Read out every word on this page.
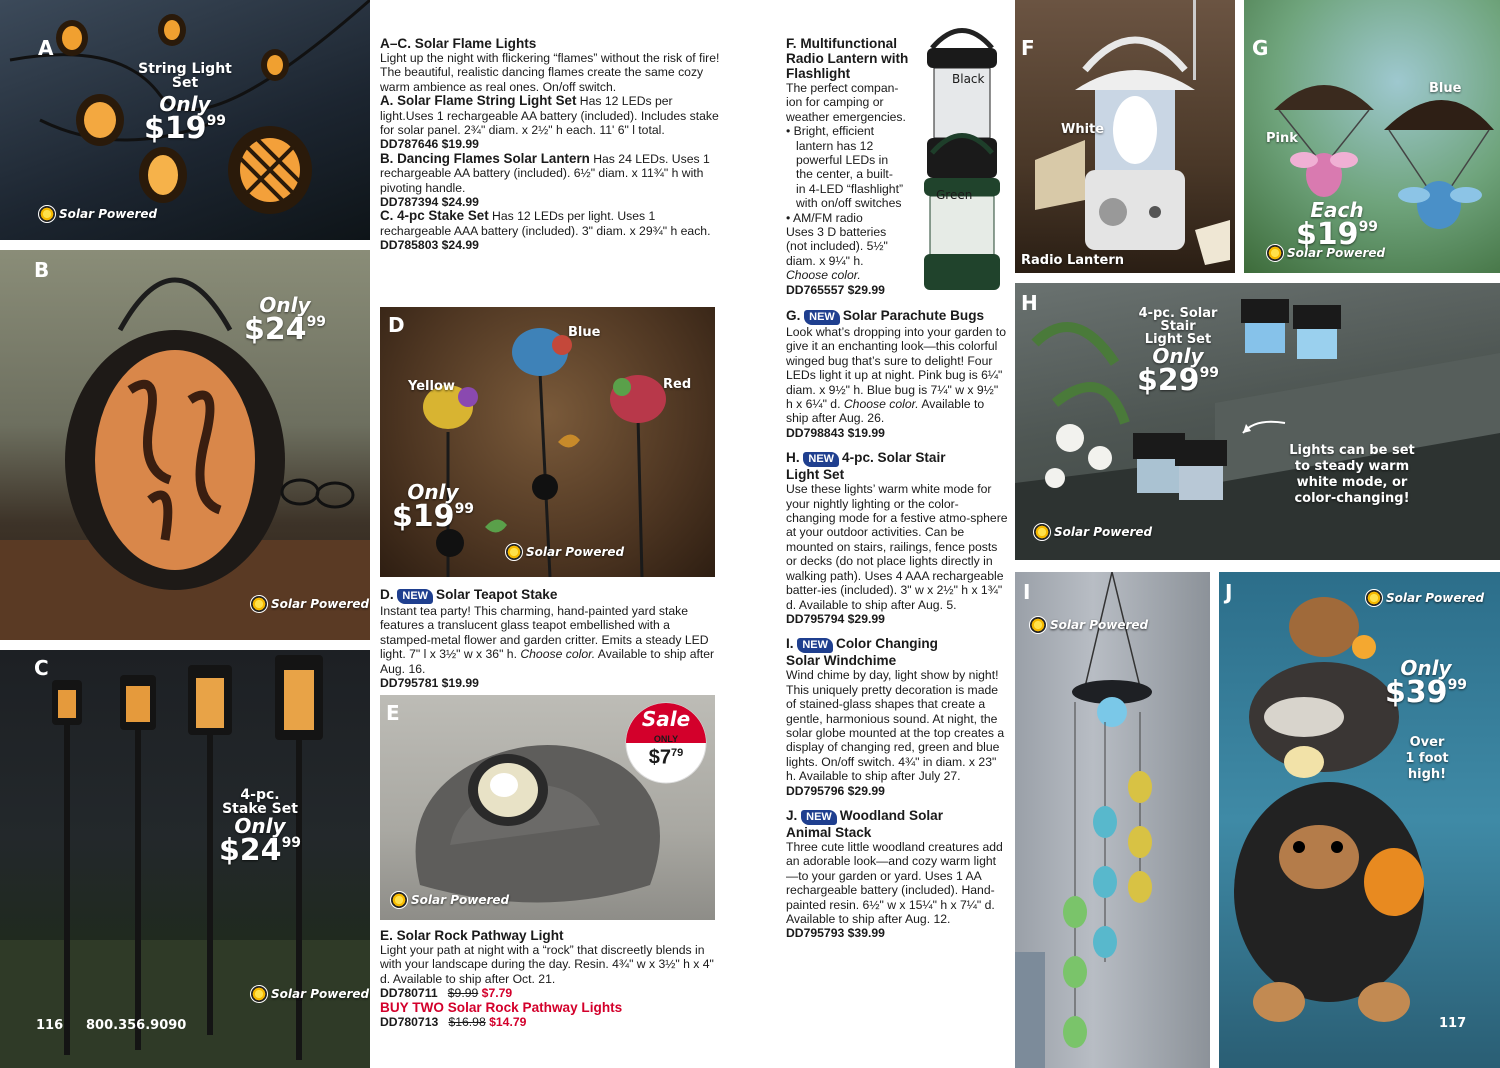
A
String Light Set
Only $\$19^{99}$
Solar Powered
B
Only
$\$24^{99}$
Solar Powered
C
4-pc.
Stake Set
Only
$\$24^{99}$
Solar Powered
116 800.356.9090
A–C. Solar Flame Lights

Light up the night with flickering “flames” without the risk of fire! The beautiful, realistic dancing flames create the same cozy warm ambience as real ones. On/off switch.

A. Solar Flame String Light Set Has 12 LEDs per light.Uses 1 rechargeable AA battery (included). Includes stake for solar panel. 2¾" diam. x 2½" h each. 11' 6" l total.

DD787646 $19.99

B. Dancing Flames Solar Lantern Has 24 LEDs. Uses 1 rechargeable AA battery (included). 6½" diam. x 11¾" h with pivoting handle.

DD787394 $24.99

C. 4-pc Stake Set Has 12 LEDs per light. Uses 1 rechargeable AAA battery (included). 3" diam. x 29¾" h each.

DD785803 $24.99

D
Yellow
Blue
Red
Only
$\$19^{99}$
Solar Powered
D. NEW Solar Teapot Stake

Instant tea party! This charming, hand-painted yard stake features a translucent glass teapot embellished with a stamped-metal flower and garden critter. Emits a steady LED light. 7" l x 3½" w x 36" h. Choose color. Available to ship after Aug. 16.

DD795781 $19.99

E	Sale
ONLY
$\$7^{79}$
Solar Powered
E. Solar Rock Pathway Light

Light your path at night with a “rock” that discreetly blends in with your landscape during the day. Resin. 4¾" w x 3½" h x 4" d. Available to ship after Oct. 21.

DD780711 $9.99 $7.79

BUY TWO Solar Rock Pathway Lights

DD780713 $16.98 $14.79

F. Multifunctional
Radio Lantern with
Flashlight

The perfect compan-

ion for camping or

weather emergencies.

• Bright, efficient

lantern has 12

powerful LEDs in

the center, a built-

in 4-LED “flashlight”

with on/off switches

• AM/FM radio

Uses 3 D batteries

(not included). 5½"

diam. x 9¼" h.

Choose color.

DD765557 $29.99

Black
Green
G. NEW Solar Parachute Bugs

Look what’s dropping into your garden to give it an enchanting look—this colorful winged bug that’s sure to delight! Four LEDs light it up at night. Pink bug is 6¼" diam. x 9½" h. Blue bug is 7¼" w x 9½" h x 6¼" d. Choose color. Available to ship after Aug. 26.

DD798843 $19.99

H. NEW 4-pc. Solar Stair
Light Set

Use these lights’ warm white mode for your nightly lighting or the color-changing mode for a festive atmo-sphere at your outdoor activities. Can be mounted on stairs, railings, fence posts or decks (do not place lights directly in walking path). Uses 4 AAA rechargeable batter-ies (included). 3" w x 2½" h x 1¾" d. Available to ship after Aug. 5.

DD795794 $29.99

I. NEW Color Changing
Solar Windchime

Wind chime by day, light show by night! This uniquely pretty decoration is made of stained-glass shapes that create a gentle, harmonious sound. At night, the solar globe mounted at the top creates a display of changing red, green and blue lights. On/off switch. 4¾" in diam. x 23" h. Available to ship after July 27.

DD795796 $29.99

J. NEW Woodland Solar
Animal Stack

Three cute little woodland creatures add an adorable look—and cozy warm light—to your garden or yard. Uses 1 AA rechargeable battery (included). Hand-painted resin. 6½" w x 15¼" h x 7¼" d. Available to ship after Aug. 12.

DD795793 $39.99

F
White
Radio Lantern
G
Pink
Blue
Each $\$19^{99}$
Solar Powered
H	4-pc. Solar Stair
Light Set
Only
$\$29^{99}$
Lights can be set
to steady warm
white mode, or
color-changing!
Solar Powered
I
Solar Powered
J	Solar Powered
Only
$\$39^{99}$
Over
1 foot
high!
117
